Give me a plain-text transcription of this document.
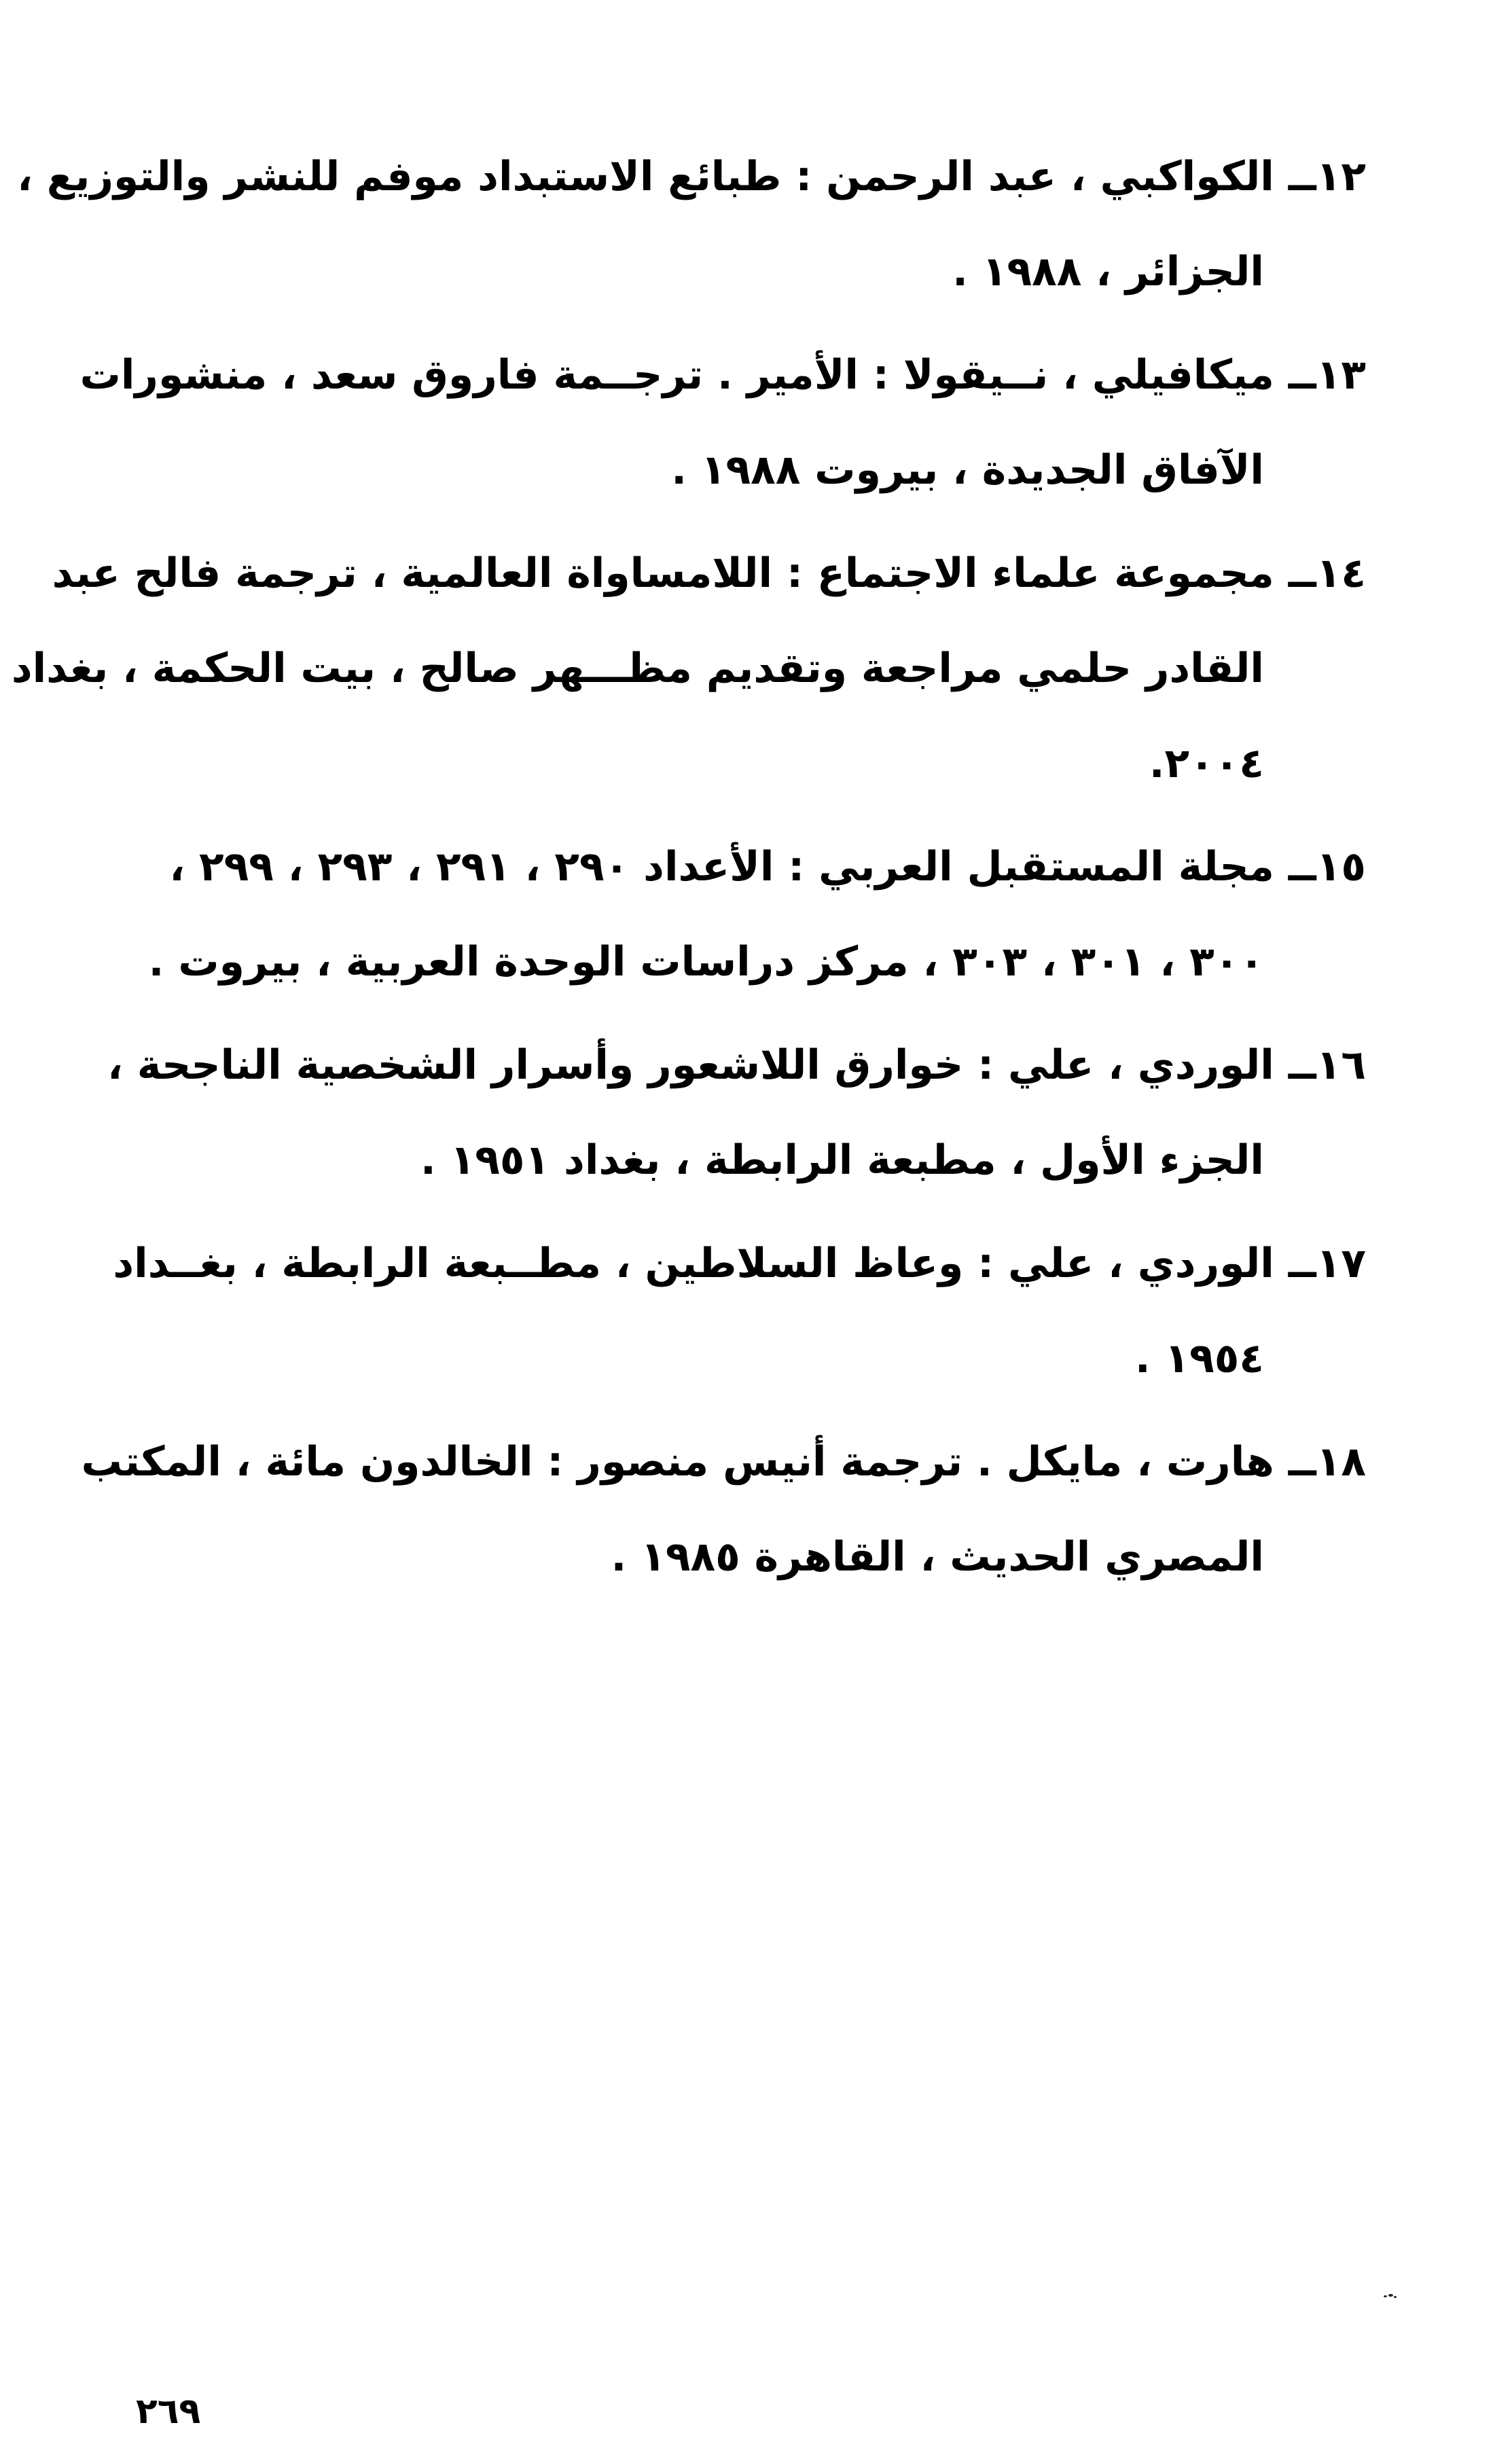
١٢ــ الكواكبي ، عبد الرحمن : طبائع الاستبداد موفم للنشر والتوزيع ،
الجزائر ، ١٩٨٨ .
١٣ــ ميكافيلي ، نــيقولا : الأمير . ترجــمة فاروق سعد ، منشورات
الآفاق الجديدة ، بيروت ١٩٨٨ .
١٤ــ مجموعة علماء الاجتماع : اللامساواة العالمية ، ترجمة فالح عبد
القادر حلمي مراجعة وتقديم مظـــهر صالح ، بيت الحكمة ، بغداد
٢٠٠٤.
١٥ــ مجلة المستقبل العربي : الأعداد ٢٩٠ ، ٢٩١ ، ٢٩٣ ، ٢٩٩ ،
٣٠٠ ، ٣٠١ ، ٣٠٣ ، مركز دراسات الوحدة العربية ، بيروت .
١٦ــ الوردي ، علي : خوارق اللاشعور وأسرار الشخصية الناجحة ،
الجزء الأول ، مطبعة الرابطة ، بغداد ١٩٥١ .
١٧ــ الوردي ، علي : وعاظ السلاطين ، مطــبعة الرابطة ، بغــداد
١٩٥٤ .
١٨ــ هارت ، مايكل . ترجمة أنيس منصور : الخالدون مائة ، المكتب
المصري الحديث ، القاهرة ١٩٨٥ .
٢٦٩
